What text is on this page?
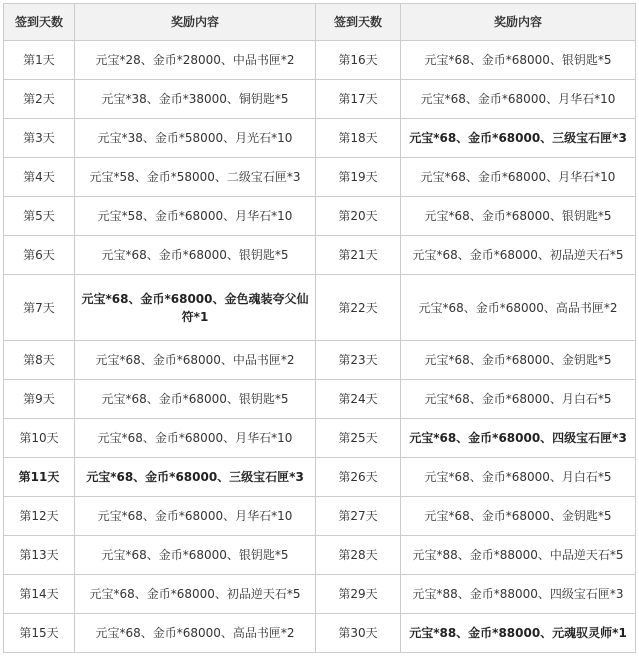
签到天数	奖励内容	签到天数	奖励内容
第1天	元宝*28、金币*28000、中品书匣*2	第16天	元宝*68、金币*68000、银钥匙*5
第2天	元宝*38、金币*38000、铜钥匙*5	第17天	元宝*68、金币*68000、月华石*10
第3天	元宝*38、金币*58000、月光石*10	第18天	元宝*68、金币*68000、三级宝石匣*3
第4天	元宝*58、金币*58000、二级宝石匣*3	第19天	元宝*68、金币*68000、月华石*10
第5天	元宝*58、金币*68000、月华石*10	第20天	元宝*68、金币*68000、银钥匙*5
第6天	元宝*68、金币*68000、银钥匙*5	第21天	元宝*68、金币*68000、初品逆天石*5
第7天	元宝*68、金币*68000、金色魂装夸父仙符*1	第22天	元宝*68、金币*68000、高品书匣*2
第8天	元宝*68、金币*68000、中品书匣*2	第23天	元宝*68、金币*68000、金钥匙*5
第9天	元宝*68、金币*68000、银钥匙*5	第24天	元宝*68、金币*68000、月白石*5
第10天	元宝*68、金币*68000、月华石*10	第25天	元宝*68、金币*68000、四级宝石匣*3
第11天	元宝*68、金币*68000、三级宝石匣*3	第26天	元宝*68、金币*68000、月白石*5
第12天	元宝*68、金币*68000、月华石*10	第27天	元宝*68、金币*68000、金钥匙*5
第13天	元宝*68、金币*68000、银钥匙*5	第28天	元宝*88、金币*88000、中品逆天石*5
第14天	元宝*68、金币*68000、初品逆天石*5	第29天	元宝*88、金币*88000、四级宝石匣*3
第15天	元宝*68、金币*68000、高品书匣*2	第30天	元宝*88、金币*88000、元魂驭灵师*1
